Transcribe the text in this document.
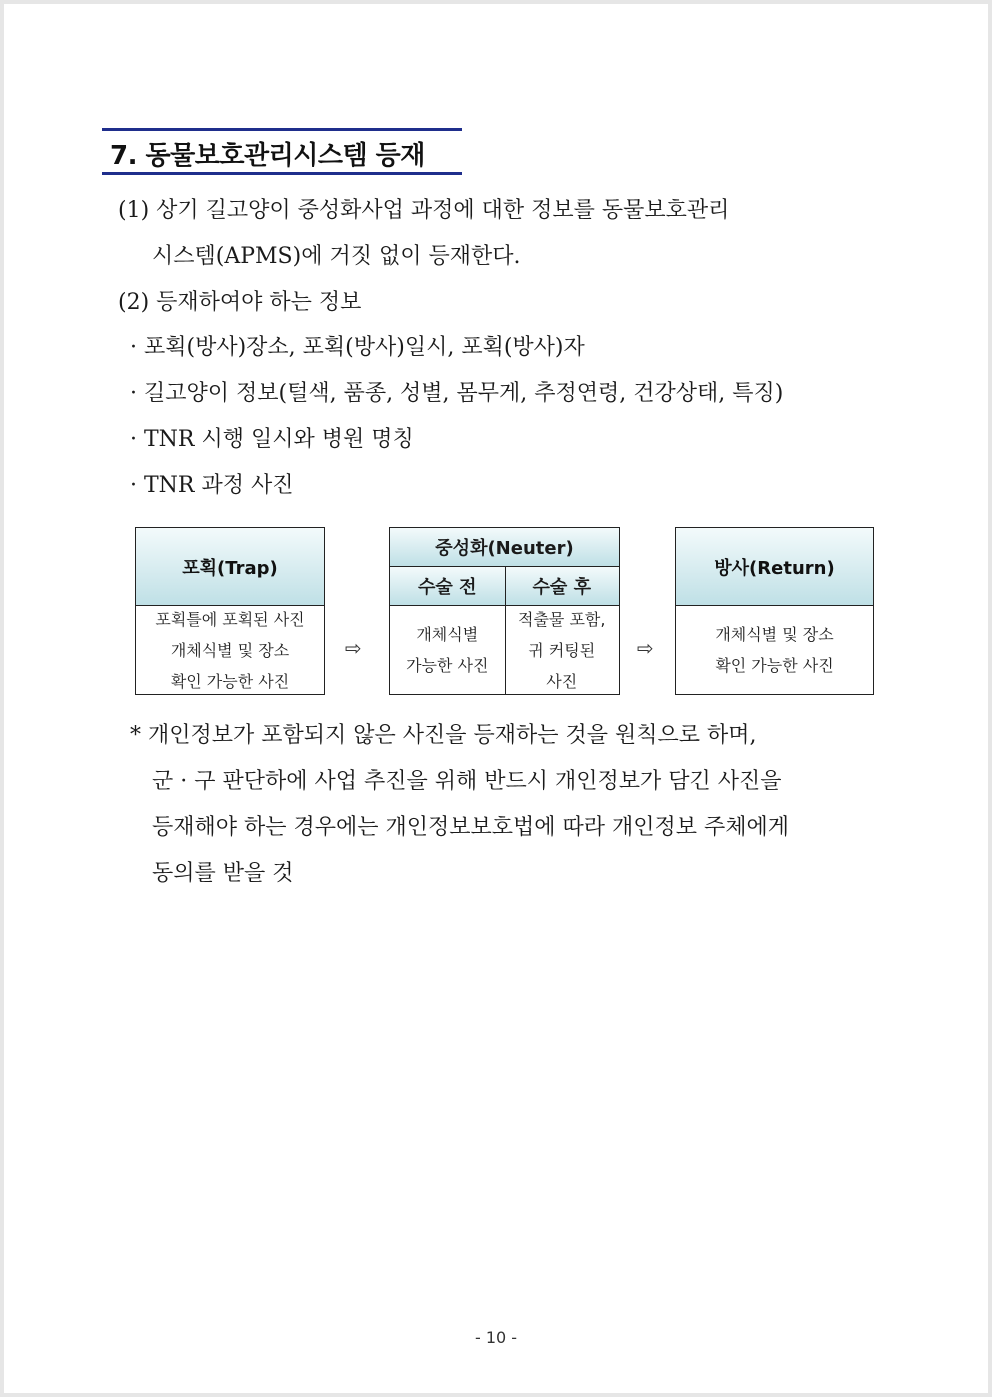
7. 동물보호관리시스템 등재
(1) 상기 길고양이 중성화사업 과정에 대한 정보를 동물보호관리
시스템(APMS)에 거짓 없이 등재한다.
(2) 등재하여야 하는 정보
· 포획(방사)장소, 포획(방사)일시, 포획(방사)자
· 길고양이 정보(털색, 품종, 성별, 몸무게, 추정연령, 건강상태, 특징)
· TNR 시행 일시와 병원 명칭
· TNR 과정 사진
포획(Trap)
포획틀에 포획된 사진
개체식별 및 장소
확인 가능한 사진
⇨
중성화(Neuter)
수술 전	수술 후
개체식별
가능한 사진
적출물 포함,
귀 커팅된
사진
⇨
방사(Return)
개체식별 및 장소
확인 가능한 사진
* 개인정보가 포함되지 않은 사진을 등재하는 것을 원칙으로 하며,
군 · 구 판단하에 사업 추진을 위해 반드시 개인정보가 담긴 사진을
등재해야 하는 경우에는 개인정보보호법에 따라 개인정보 주체에게
동의를 받을 것
- 10 -
